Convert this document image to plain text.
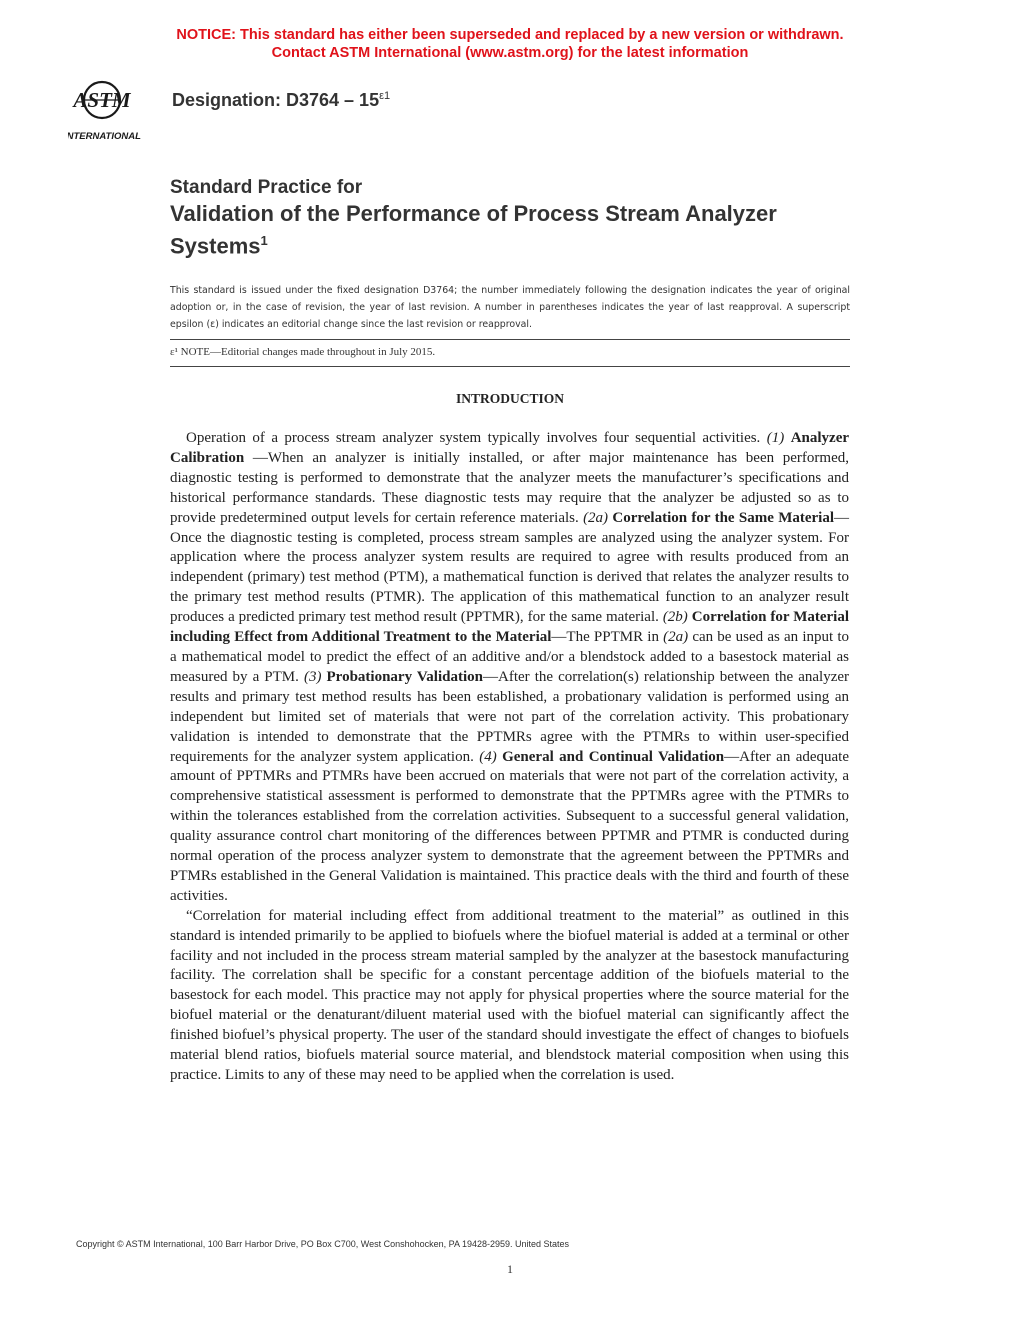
NOTICE: This standard has either been superseded and replaced by a new version or withdrawn.
Contact ASTM International (www.astm.org) for the latest information
ASTM
INTERNATIONAL
Designation: $D3764 - 15^{\varepsilon 1}$
Standard Practice for
Validation of the Performance of Process Stream Analyzer Systems$^1$
This standard is issued under the fixed designation D3764; the number immediately following the designation indicates the year of original adoption or, in the case of revision, the year of last revision. A number in parentheses indicates the year of last reapproval. A superscript epsilon (ε) indicates an editorial change since the last revision or reapproval.
ε¹ NOTE—Editorial changes made throughout in July 2015.
INTRODUCTION

Operation of a process stream analyzer system typically involves four sequential activities. (1) Analyzer Calibration —When an analyzer is initially installed, or after major maintenance has been performed, diagnostic testing is performed to demonstrate that the analyzer meets the manufacturer’s specifications and historical performance standards. These diagnostic tests may require that the analyzer be adjusted so as to provide predetermined output levels for certain reference materials. (2a) Correlation for the Same Material—Once the diagnostic testing is completed, process stream samples are analyzed using the analyzer system. For application where the process analyzer system results are required to agree with results produced from an independent (primary) test method (PTM), a mathematical function is derived that relates the analyzer results to the primary test method results (PTMR). The application of this mathematical function to an analyzer result produces a predicted primary test method result (PPTMR), for the same material. (2b) Correlation for Material including Effect from Additional Treatment to the Material—The PPTMR in (2a) can be used as an input to a mathematical model to predict the effect of an additive and/or a blendstock added to a basestock material as measured by a PTM. (3) Probationary Validation—After the correlation(s) relationship between the analyzer results and primary test method results has been established, a probationary validation is performed using an independent but limited set of materials that were not part of the correlation activity. This probationary validation is intended to demonstrate that the PPTMRs agree with the PTMRs to within user-specified requirements for the analyzer system application. (4) General and Continual Validation—After an adequate amount of PPTMRs and PTMRs have been accrued on materials that were not part of the correlation activity, a comprehensive statistical assessment is performed to demonstrate that the PPTMRs agree with the PTMRs to within the tolerances established from the correlation activities. Subsequent to a successful general validation, quality assurance control chart monitoring of the differences between PPTMR and PTMR is conducted during normal operation of the process analyzer system to demonstrate that the agreement between the PPTMRs and PTMRs established in the General Validation is maintained. This practice deals with the third and fourth of these activities.

“Correlation for material including effect from additional treatment to the material” as outlined in this standard is intended primarily to be applied to biofuels where the biofuel material is added at a terminal or other facility and not included in the process stream material sampled by the analyzer at the basestock manufacturing facility. The correlation shall be specific for a constant percentage addition of the biofuels material to the basestock for each model. This practice may not apply for physical properties where the source material for the biofuel material or the denaturant/diluent material used with the biofuel material can significantly affect the finished biofuel’s physical property. The user of the standard should investigate the effect of changes to biofuels material blend ratios, biofuels material source material, and blendstock material composition when using this practice. Limits to any of these may need to be applied when the correlation is used.

Copyright © ASTM International, 100 Barr Harbor Drive, PO Box C700, West Conshohocken, PA 19428-2959. United States
1
